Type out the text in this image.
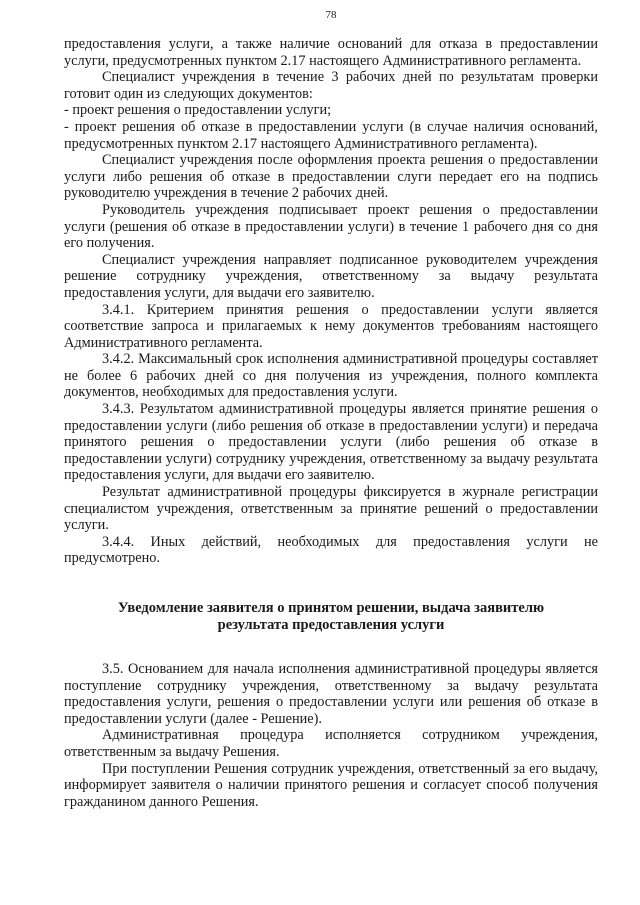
78

предоставления услуги, а также наличие оснований для отказа в предоставлении услуги, предусмотренных пунктом 2.17 настоящего Административного регламента.

Специалист учреждения в течение 3 рабочих дней по результатам проверки готовит один из следующих документов:

- проект решения о предоставлении услуги;

- проект решения об отказе в предоставлении услуги (в случае наличия оснований, предусмотренных пунктом 2.17 настоящего Административного регламента).

Специалист учреждения после оформления проекта решения о предоставлении услуги либо решения об отказе в предоставлении слуги передает его на подпись руководителю учреждения в течение 2 рабочих дней.

Руководитель учреждения подписывает проект решения о предоставлении услуги (решения об отказе в предоставлении услуги) в течение 1 рабочего дня со дня его получения.

Специалист учреждения направляет подписанное руководителем учреждения решение сотруднику учреждения, ответственному за выдачу результата предоставления услуги, для выдачи его заявителю.

3.4.1. Критерием принятия решения о предоставлении услуги является соответствие запроса и прилагаемых к нему документов требованиям настоящего Административного регламента.

3.4.2. Максимальный срок исполнения административной процедуры составляет не более 6 рабочих дней со дня получения из учреждения, полного комплекта документов, необходимых для предоставления услуги.

3.4.3. Результатом административной процедуры является принятие решения о предоставлении услуги (либо решения об отказе в предоставлении услуги) и передача принятого решения о предоставлении услуги (либо решения об отказе в предоставлении услуги) сотруднику учреждения, ответственному за выдачу результата предоставления услуги, для выдачи его заявителю.

Результат административной процедуры фиксируется в журнале регистрации специалистом учреждения, ответственным за принятие решений о предоставлении услуги.

3.4.4. Иных действий, необходимых для предоставления услуги не предусмотрено.

Уведомление заявителя о принятом решении, выдача заявителю
результата предоставления услуги

3.5. Основанием для начала исполнения административной процедуры является поступление сотруднику учреждения, ответственному за выдачу результата предоставления услуги, решения о предоставлении услуги или решения об отказе в предоставлении услуги (далее - Решение).

Административная процедура исполняется сотрудником учреждения, ответственным за выдачу Решения.

При поступлении Решения сотрудник учреждения, ответственный за его выдачу, информирует заявителя о наличии принятого решения и согласует способ получения гражданином данного Решения.
